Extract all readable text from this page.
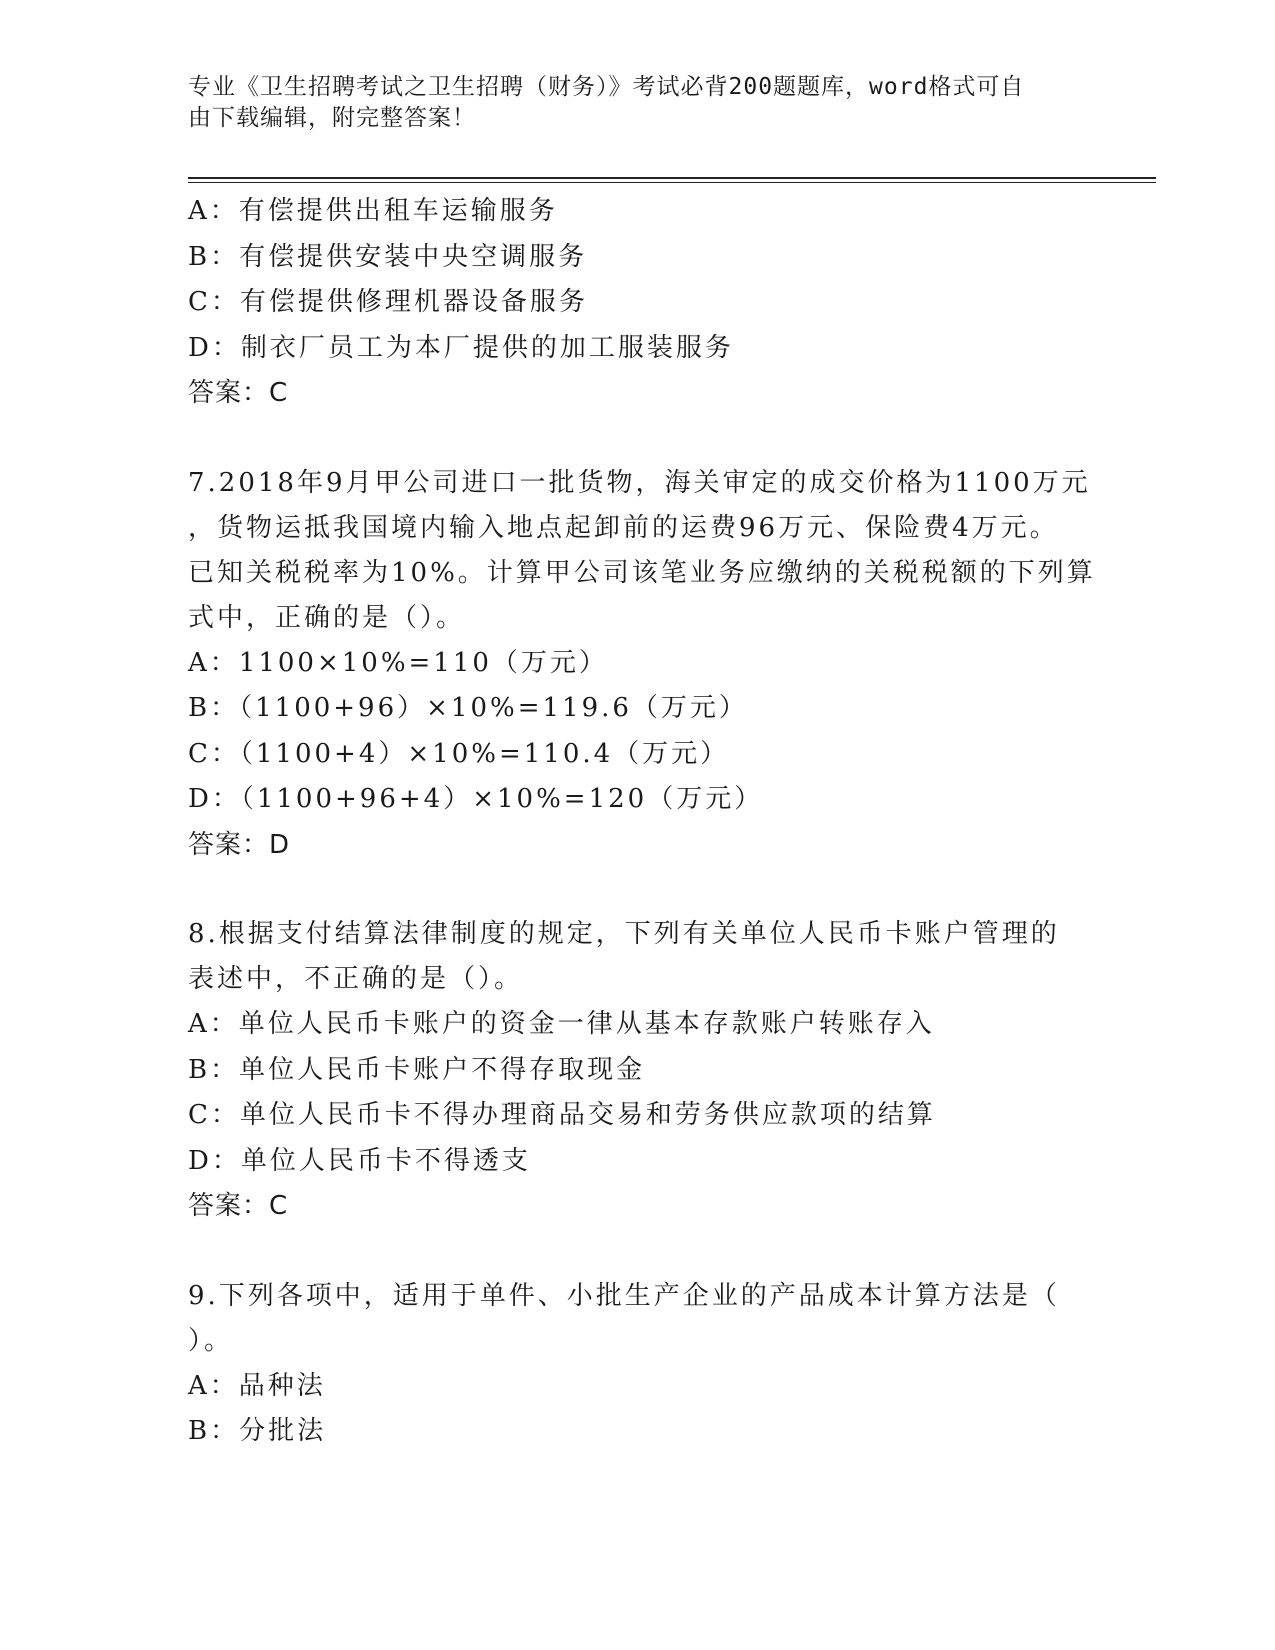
专业《卫生招聘考试之卫生招聘（财务）》考试必背200题题库，word格式可自
由下载编辑，附完整答案！
A：有偿提供出租车运输服务
B：有偿提供安装中央空调服务
C：有偿提供修理机器设备服务
D：制衣厂员工为本厂提供的加工服装服务
答案：C
7.2018年9月甲公司进口一批货物，海关审定的成交价格为1100万元
，货物运抵我国境内输入地点起卸前的运费96万元、保险费4万元。
已知关税税率为10%。计算甲公司该笔业务应缴纳的关税税额的下列算
式中，正确的是（）。
A：1100×10%=110（万元）
B：（1100+96）×10%=119.6（万元）
C：（1100+4）×10%=110.4（万元）
D：（1100+96+4）×10%=120（万元）
答案：D
8.根据支付结算法律制度的规定，下列有关单位人民币卡账户管理的
表述中，不正确的是（）。
A：单位人民币卡账户的资金一律从基本存款账户转账存入
B：单位人民币卡账户不得存取现金
C：单位人民币卡不得办理商品交易和劳务供应款项的结算
D：单位人民币卡不得透支
答案：C
9.下列各项中，适用于单件、小批生产企业的产品成本计算方法是（
）。
A：品种法
B：分批法
